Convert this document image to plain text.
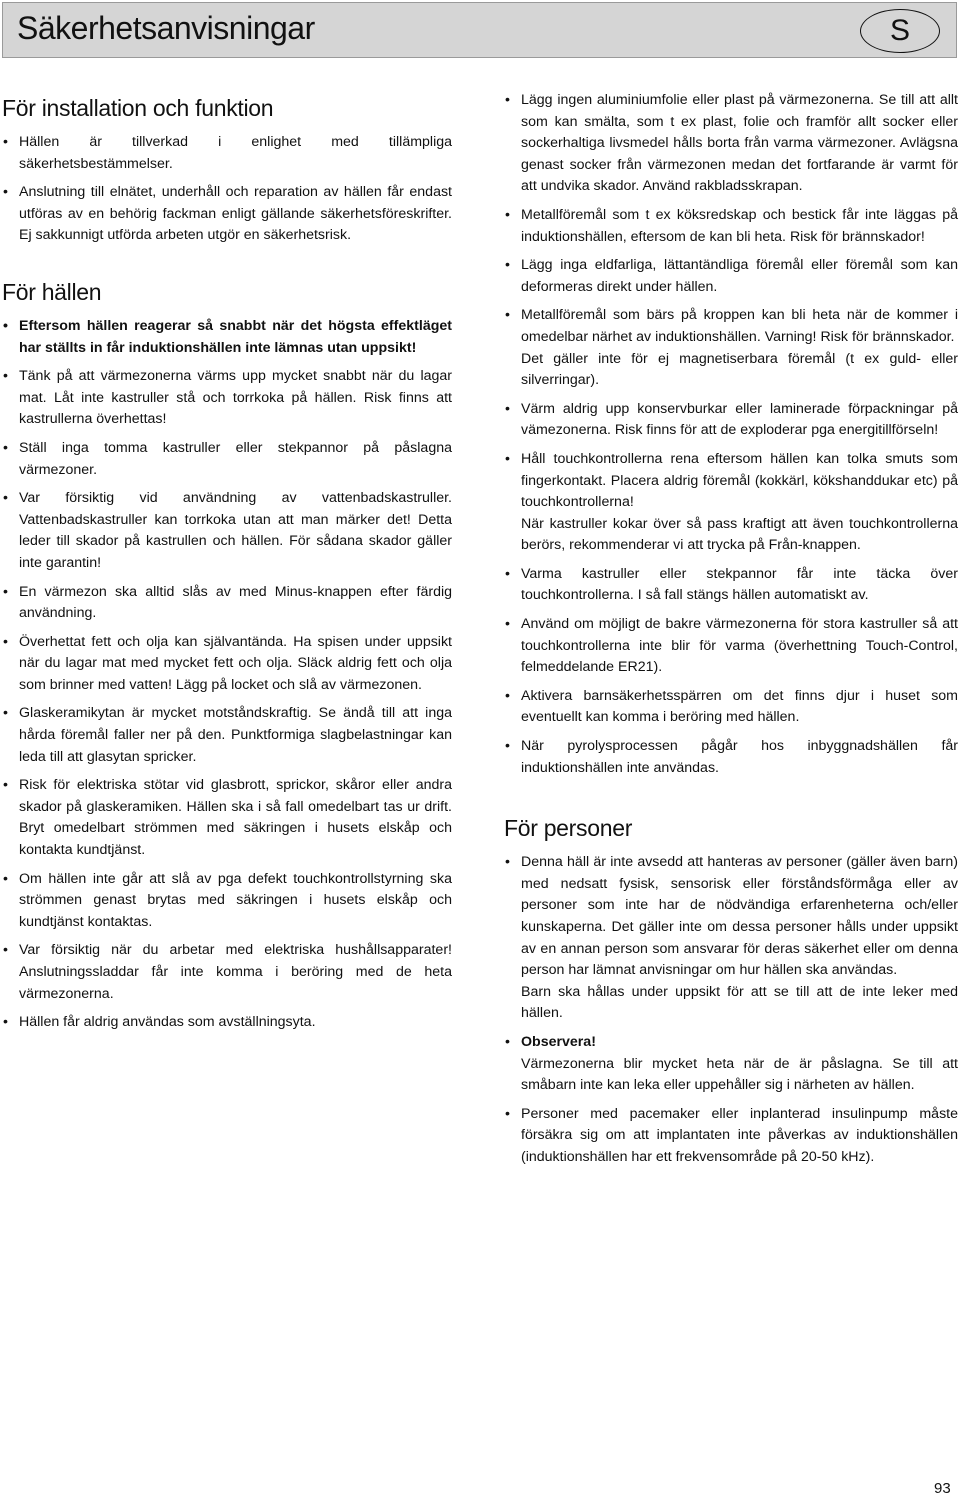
Säkerhetsanvisningar	S
För installation och funktion
• Hällen är tillverkad i enlighet med tillämpliga säkerhetsbestämmelser.
• Anslutning till elnätet, underhåll och reparation av hällen får endast utföras av en behörig fackman enligt gällande säkerhetsföreskrifter. Ej sakkunnigt utförda arbeten utgör en säkerhetsrisk.
För hällen
• Eftersom hällen reagerar så snabbt när det högsta effektläget har ställts in får induktionshällen inte lämnas utan uppsikt!
• Tänk på att värmezonerna värms upp mycket snabbt när du lagar mat. Låt inte kastruller stå och torrkoka på hällen. Risk finns att kastrullerna överhettas!
• Ställ inga tomma kastruller eller stekpannor på påslagna värmezoner.
• Var försiktig vid användning av vattenbadskastruller. Vattenbadskastruller kan torrkoka utan att man märker det! Detta leder till skador på kastrullen och hällen. För sådana skador gäller inte garantin!
• En värmezon ska alltid slås av med Minus-knappen efter färdig användning.
• Överhettat fett och olja kan självantända. Ha spisen under uppsikt när du lagar mat med mycket fett och olja. Släck aldrig fett och olja som brinner med vatten! Lägg på locket och slå av värmezonen.
• Glaskeramikytan är mycket motståndskraftig. Se ändå till att inga hårda föremål faller ner på den. Punktformiga slagbelastningar kan leda till att glasytan spricker.
• Risk för elektriska stötar vid glasbrott, sprickor, skåror eller andra skador på glaskeramiken. Hällen ska i så fall omedelbart tas ur drift. Bryt omedelbart strömmen med säkringen i husets elskåp och kontakta kundtjänst.
• Om hällen inte går att slå av pga defekt touchkontrollstyrning ska strömmen genast brytas med säkringen i husets elskåp och kundtjänst kontaktas.
• Var försiktig när du arbetar med elektriska hushållsapparater! Anslutningssladdar får inte komma i beröring med de heta värmezonerna.
• Hällen får aldrig användas som avställningsyta.
• Lägg ingen aluminiumfolie eller plast på värmezonerna. Se till att allt som kan smälta, som t ex plast, folie och framför allt socker eller sockerhaltiga livsmedel hålls borta från varma värmezoner. Avlägsna genast socker från värmezonen medan det fortfarande är varmt för att undvika skador. Använd rakbladsskrapan.
• Metallföremål som t ex köksredskap och bestick får inte läggas på induktionshällen, eftersom de kan bli heta. Risk för brännskador!
• Lägg inga eldfarliga, lättantändliga föremål eller föremål som kan deformeras direkt under hällen.
• Metallföremål som bärs på kroppen kan bli heta när de kommer i omedelbar närhet av induktionshällen. Varning! Risk för brännskador.
Det gäller inte för ej magnetiserbara föremål (t ex guld- eller silverringar).
• Värm aldrig upp konservburkar eller laminerade förpackningar på vämezonerna. Risk finns för att de exploderar pga energitillförseln!
• Håll touchkontrollerna rena eftersom hällen kan tolka smuts som fingerkontakt. Placera aldrig föremål (kokkärl, kökshanddukar etc) på touchkontrollerna!
När kastruller kokar över så pass kraftigt att även touchkontrollerna berörs, rekommenderar vi att trycka på Från-knappen.
• Varma kastruller eller stekpannor får inte täcka över touchkontrollerna. I så fall stängs hällen automatiskt av.
• Använd om möjligt de bakre värmezonerna för stora kastruller så att touchkontrollerna inte blir för varma (överhettning Touch-Control, felmeddelande ER21).
• Aktivera barnsäkerhetsspärren om det finns djur i huset som eventuellt kan komma i beröring med hällen.
• När pyrolysprocessen pågår hos inbyggnadshällen får induktionshällen inte användas.
För personer
• Denna häll är inte avsedd att hanteras av personer (gäller även barn) med nedsatt fysisk, sensorisk eller förståndsförmåga eller av personer som inte har de nödvändiga erfarenheterna och/eller kunskaperna. Det gäller inte om dessa personer hålls under uppsikt av en annan person som ansvarar för deras säkerhet eller om denna person har lämnat anvisningar om hur hällen ska användas.
Barn ska hållas under uppsikt för att se till att de inte leker med hällen.
• Observera!
Värmezonerna blir mycket heta när de är påslagna. Se till att småbarn inte kan leka eller uppehåller sig i närheten av hällen.
• Personer med pacemaker eller inplanterad insulinpump måste försäkra sig om att implantaten inte påverkas av induktionshällen (induktionshällen har ett frekvensområde på 20-50 kHz).
93
